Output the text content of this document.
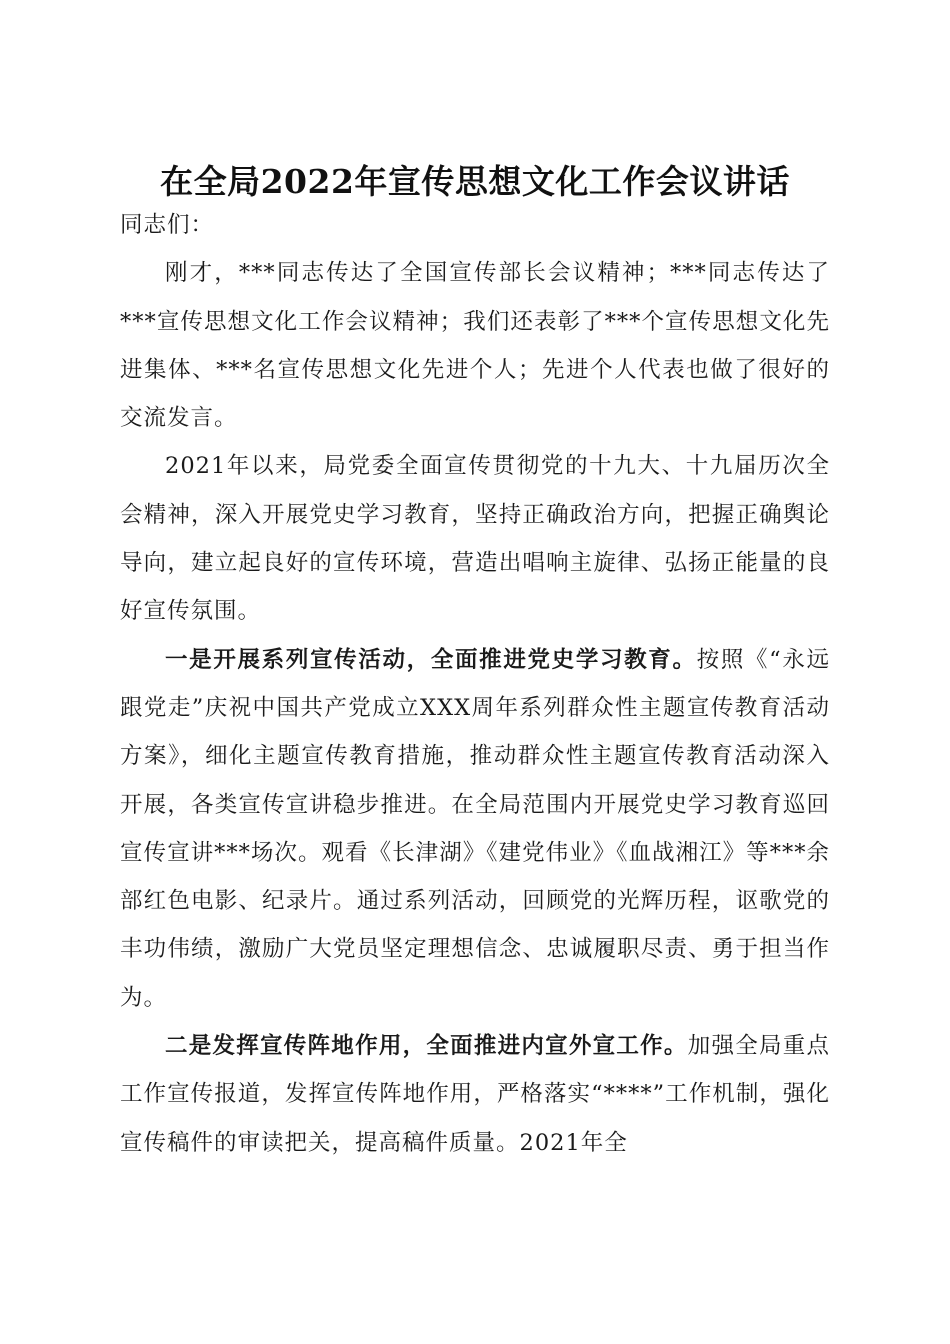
在全局2022年宣传思想文化工作会议讲话

同志们：

刚才，***同志传达了全国宣传部长会议精神；***同志传达了***宣传思想文化工作会议精神；我们还表彰了***个宣传思想文化先进集体、***名宣传思想文化先进个人；先进个人代表也做了很好的交流发言。

2021年以来，局党委全面宣传贯彻党的十九大、十九届历次全会精神，深入开展党史学习教育，坚持正确政治方向，把握正确舆论导向，建立起良好的宣传环境，营造出唱响主旋律、弘扬正能量的良好宣传氛围。

一是开展系列宣传活动，全面推进党史学习教育。按照《“永远跟党走”庆祝中国共产党成立XXX周年系列群众性主题宣传教育活动方案》，细化主题宣传教育措施，推动群众性主题宣传教育活动深入开展，各类宣传宣讲稳步推进。在全局范围内开展党史学习教育巡回宣传宣讲***场次。观看《长津湖》《建党伟业》《血战湘江》等***余部红色电影、纪录片。通过系列活动，回顾党的光辉历程，讴歌党的丰功伟绩，激励广大党员坚定理想信念、忠诚履职尽责、勇于担当作为。

二是发挥宣传阵地作用，全面推进内宣外宣工作。加强全局重点工作宣传报道，发挥宣传阵地作用，严格落实“****”工作机制，强化宣传稿件的审读把关，提高稿件质量。2021年全
